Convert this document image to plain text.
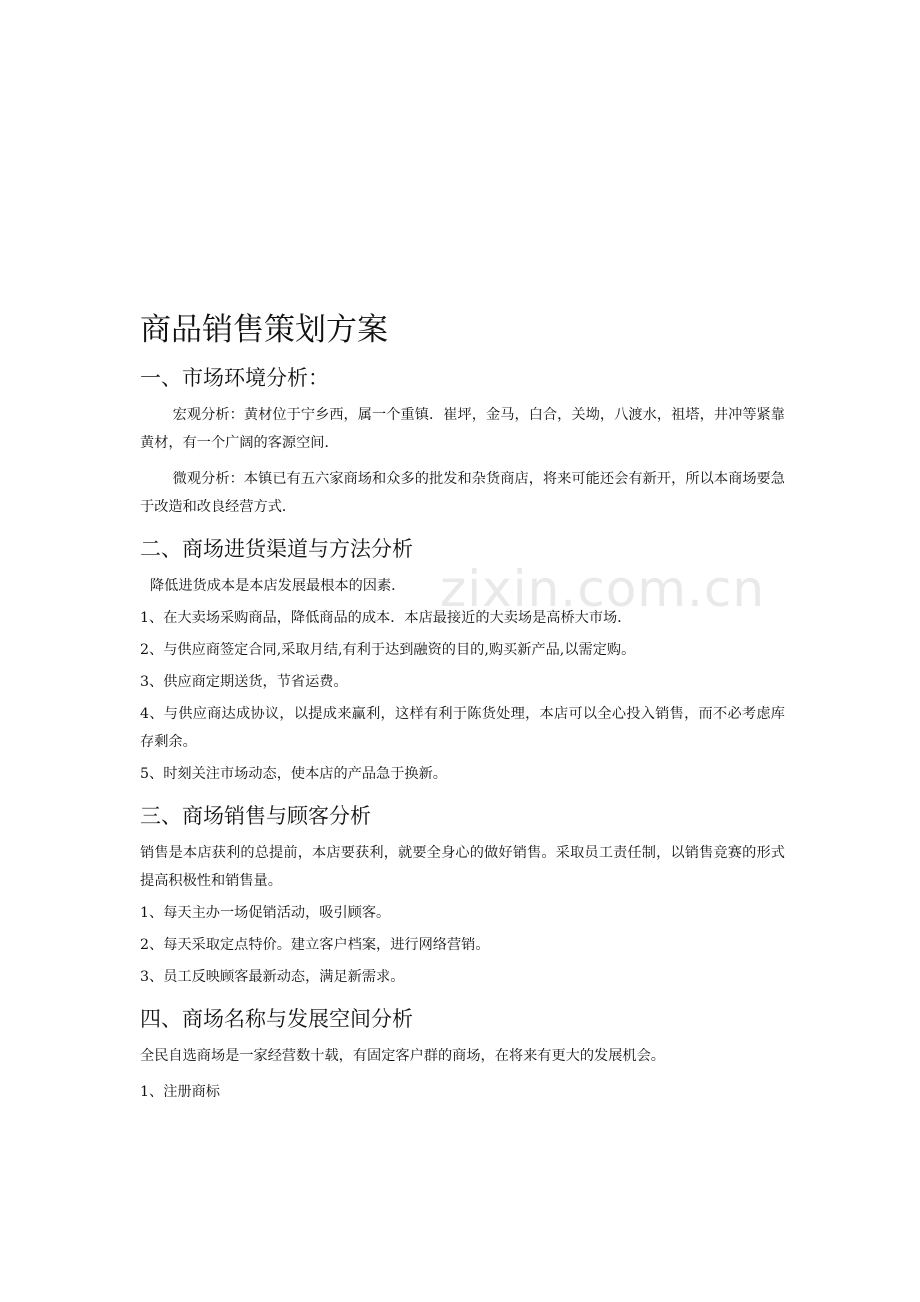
zixin.com.cn
商品销售策划方案
一、市场环境分析：

宏观分析：黄材位于宁乡西，属一个重镇．崔坪，金马，白合，关坳，八渡水，祖塔，井冲等紧靠黄材，有一个广阔的客源空间．

微观分析：本镇已有五六家商场和众多的批发和杂货商店，将来可能还会有新开，所以本商场要急于改造和改良经营方式．

二、商场进货渠道与方法分析

降低进货成本是本店发展最根本的因素．

1、在大卖场采购商品，降低商品的成本．本店最接近的大卖场是高桥大市场．

2、与供应商签定合同,采取月结,有利于达到融资的目的,购买新产品,以需定购。

3、供应商定期送货，节省运费。

4、与供应商达成协议，以提成来赢利，这样有利于陈货处理，本店可以全心投入销售，而不必考虑库存剩余。

5、时刻关注市场动态，使本店的产品急于换新。

三、商场销售与顾客分析

销售是本店获利的总提前，本店要获利，就要全身心的做好销售。采取员工责任制，以销售竞赛的形式提高积极性和销售量。

1、每天主办一场促销活动，吸引顾客。

2、每天采取定点特价。建立客户档案，进行网络营销。

3、员工反映顾客最新动态，满足新需求。

四、商场名称与发展空间分析

全民自选商场是一家经营数十载，有固定客户群的商场，在将来有更大的发展机会。

1、注册商标
